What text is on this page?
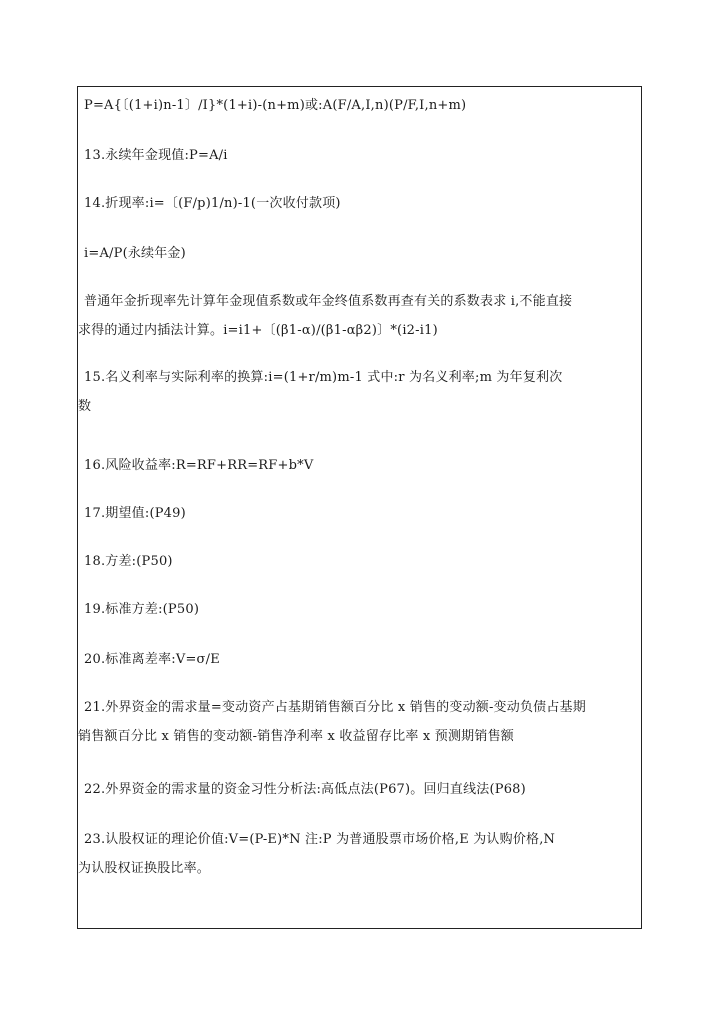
P=A{〔(1+i)n-1〕/I}*(1+i)-(n+m)或:A(F/A,I,n)(P/F,I,n+m)
13.永续年金现值:P=A/i
14.折现率:i=〔(F/p)1/n)-1(一次收付款项)
i=A/P(永续年金)
普通年金折现率先计算年金现值系数或年金终值系数再查有关的系数表求 i,不能直接
求得的通过内插法计算。i=i1+〔(β1-α)/(β1-αβ2)〕*(i2-i1)
15.名义利率与实际利率的换算:i=(1+r/m)m-1 式中:r 为名义利率;m 为年复利次
数
16.风险收益率:R=RF+RR=RF+b*V
17.期望值:(P49)
18.方差:(P50)
19.标准方差:(P50)
20.标准离差率:V=σ/E
21.外界资金的需求量=变动资产占基期销售额百分比 x 销售的变动额-变动负债占基期
销售额百分比 x 销售的变动额-销售净利率 x 收益留存比率 x 预测期销售额
22.外界资金的需求量的资金习性分析法:高低点法(P67)。回归直线法(P68)
23.认股权证的理论价值:V=(P-E)*N 注:P 为普通股票市场价格,E 为认购价格,N
为认股权证换股比率。
